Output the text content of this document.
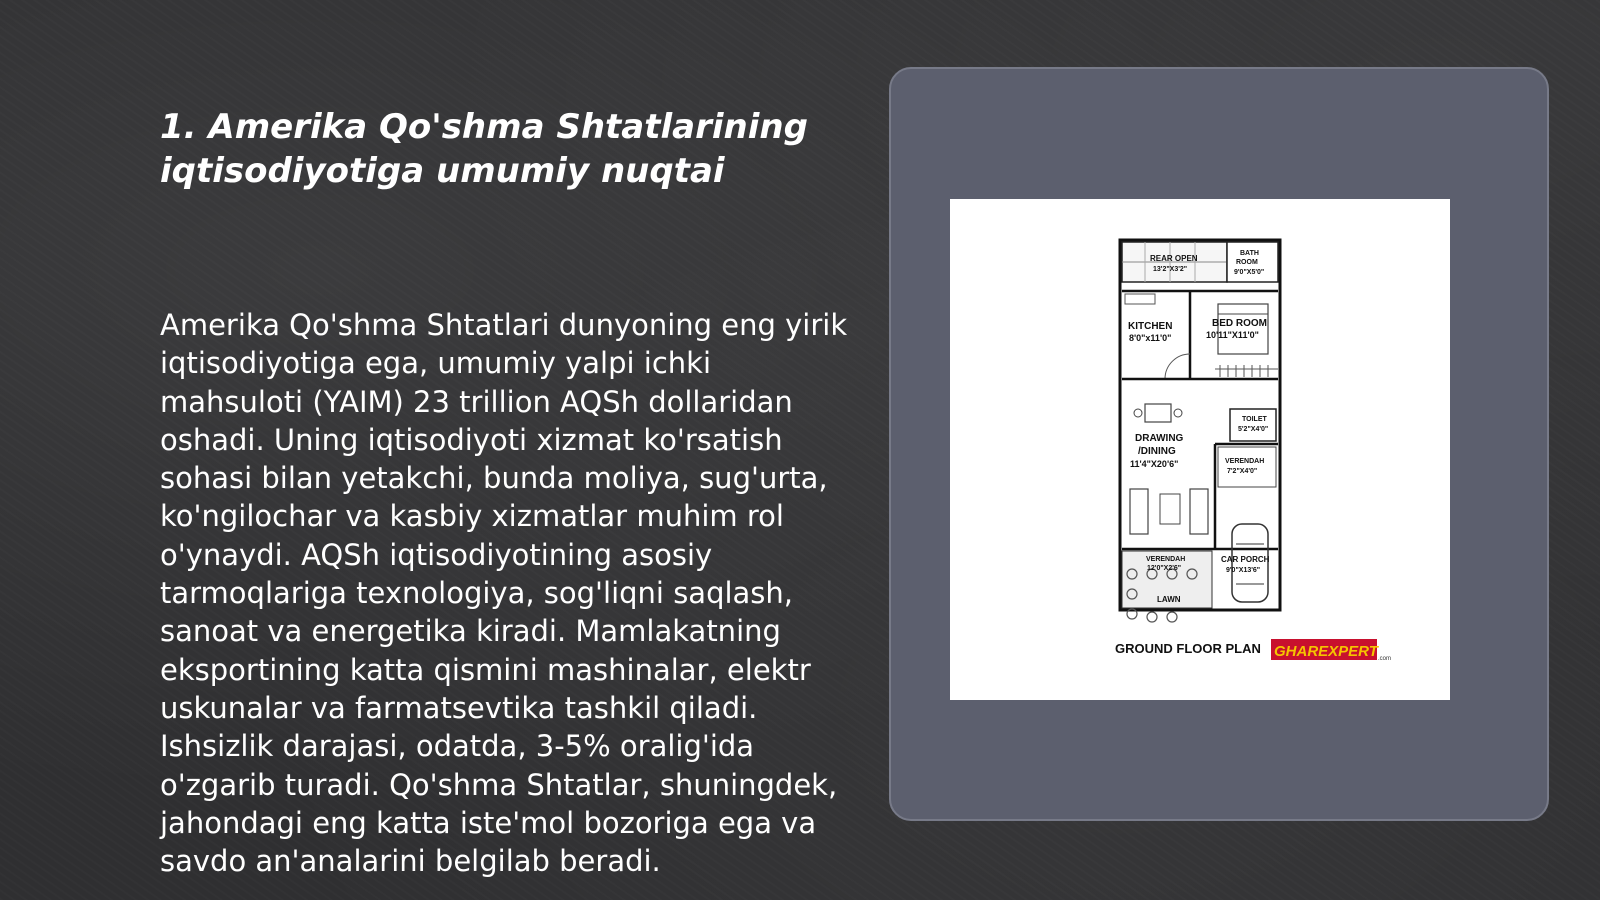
1. Amerika Qo'shma Shtatlarining iqtisodiyotiga umumiy nuqtai

Amerika Qo'shma Shtatlari dunyoning eng yirik iqtisodiyotiga ega, umumiy yalpi ichki mahsuloti (YAIM) 23 trillion AQSh dollaridan oshadi. Uning iqtisodiyoti xizmat ko'rsatish sohasi bilan yetakchi, bunda moliya, sug'urta, ko'ngilochar va kasbiy xizmatlar muhim rol o'ynaydi. AQSh iqtisodiyotining asosiy tarmoqlariga texnologiya, sog'liqni saqlash, sanoat va energetika kiradi. Mamlakatning eksportining katta qismini mashinalar, elektr uskunalar va farmatsevtika tashkil qiladi. Ishsizlik darajasi, odatda, 3-5% oralig'ida o'zgarib turadi. Qo'shma Shtatlar, shuningdek, jahondagi eng katta iste'mol bozoriga ega va savdo an'analarini belgilab beradi.

REAR OPEN
13'2"X3'2"
BATH
ROOM
9'0"X5'0"
KITCHEN
8'0"x11'0"
BED ROOM
10'11"X11'0"
TOILET
5'2"X4'0"
DRAWING
/DINING
11'4"X20'6"	VERENDAH
7'2"X4'0"
VERENDAH
12'0"X2'6"
CAR PORCH
9'0"X13'6"
LAWN
GROUND FLOOR PLAN GHAREXPERT .com
